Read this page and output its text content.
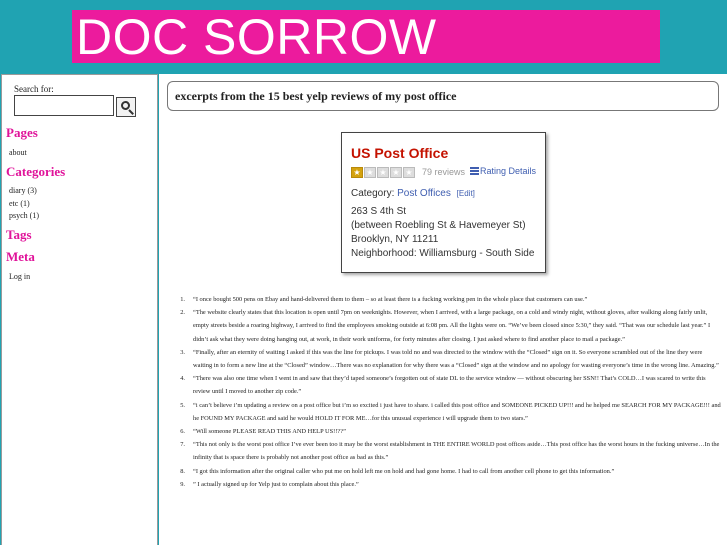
DOC SORROW
Search for:
Pages
about
Categories
diary (3)
etc (1)
psych (1)
Tags
Meta
Log in
excerpts from the 15 best yelp reviews of my post office
US Post Office
★ ★ ★ ★ ★ 79 reviews	Rating Details
Category: Post Offices [Edit]
263 S 4th St
(between Roebling St & Havemeyer St)
Brooklyn, NY 11211
Neighborhood: Williamsburg - South Side
1. “I once bought 500 pens on Ebay and hand-delivered them to them – so at least there is a fucking working pen in the whole place that customers can use.”
2. “The website clearly states that this location is open until 7pm on weeknights. However, when I arrived, with a large package, on a cold and windy night, without gloves, after walking along fairly unlit, empty streets beside a roaring highway, I arrived to find the employees smoking outside at 6:08 pm. All the lights were on. “We’ve been closed since 5:30,” they said. “That was our schedule last year.” I didn’t ask what they were doing hanging out, at work, in their work uniforms, for forty minutes after closing. I just asked where to find another place to mail a package.”
3. “Finally, after an eternity of waiting I asked if this was the line for pickups. I was told no and was directed to the window with the “Closed” sign on it. So everyone scrambled out of the line they were waiting in to form a new line at the “Closed” window…There was no explanation for why there was a “Closed” sign at the window and no apology for wasting everyone’s time in the wrong line. Amazing.”
4. “There was also one time when I went in and saw that they’d taped someone’s forgotten out of state DL to the service window — without obscuring her SSN!! That’s COLD…I was scared to write this review until I moved to another zip code.”
5. “i can’t believe i’m updating a review on a post office but i’m so excited i just have to share. i called this post office and SOMEONE PICKED UP!!! and he helped me SEARCH FOR MY PACKAGE!!! and he FOUND MY PACKAGE and said he would HOLD IT FOR ME…for this unusual experience i will upgrade them to two stars.”
6. “Will someone PLEASE READ THIS AND HELP US!!??”
7. “This not only is the worst post office I’ve ever been too it may be the worst establishment in THE ENTIRE WORLD post offices aside…This post office has the worst hours in the fucking universe…In the infinity that is space there is probably not another post office as bad as this.”
8. “I got this information after the original caller who put me on hold left me on hold and had gone home. I had to call from another cell phone to get this information.”
9. ” I actually signed up for Yelp just to complain about this place.”
